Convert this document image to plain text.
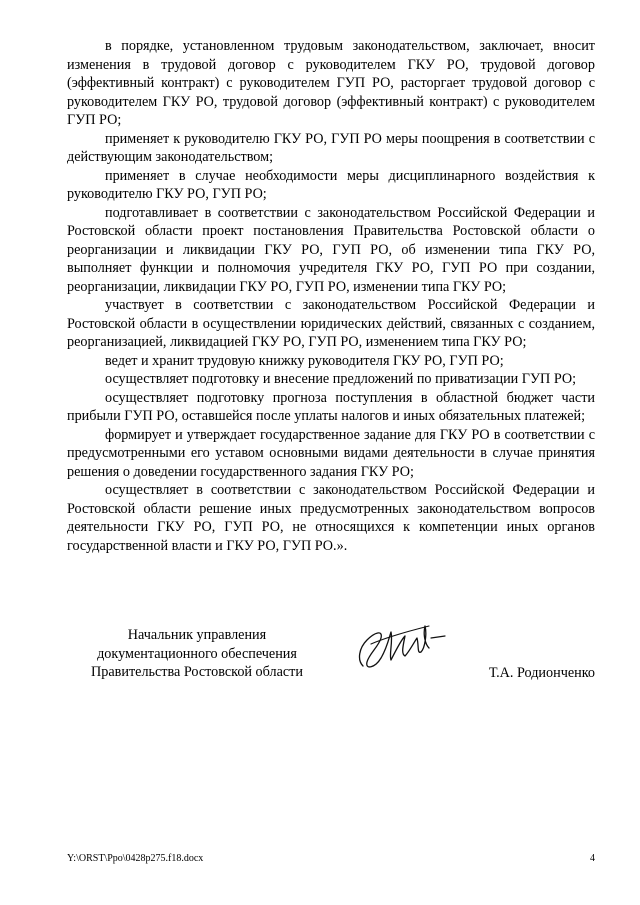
в порядке, установленном трудовым законодательством, заключает, вносит изменения в трудовой договор с руководителем ГКУ РО, трудовой договор (эффективный контракт) с руководителем ГУП РО, расторгает трудовой договор с руководителем ГКУ РО, трудовой договор (эффективный контракт) с руководителем ГУП РО;

применяет к руководителю ГКУ РО, ГУП РО меры поощрения в соответствии с действующим законодательством;

применяет в случае необходимости меры дисциплинарного воздействия к руководителю ГКУ РО, ГУП РО;

подготавливает в соответствии с законодательством Российской Федерации и Ростовской области проект постановления Правительства Ростовской области о реорганизации и ликвидации ГКУ РО, ГУП РО, об изменении типа ГКУ РО, выполняет функции и полномочия учредителя ГКУ РО, ГУП РО при создании, реорганизации, ликвидации ГКУ РО, ГУП РО, изменении типа ГКУ РО;

участвует в соответствии с законодательством Российской Федерации и Ростовской области в осуществлении юридических действий, связанных с созданием, реорганизацией, ликвидацией ГКУ РО, ГУП РО, изменением типа ГКУ РО;

ведет и хранит трудовую книжку руководителя ГКУ РО, ГУП РО;

осуществляет подготовку и внесение предложений по приватизации ГУП РО;

осуществляет подготовку прогноза поступления в областной бюджет части прибыли ГУП РО, оставшейся после уплаты налогов и иных обязательных платежей;

формирует и утверждает государственное задание для ГКУ РО в соответствии с предусмотренными его уставом основными видами деятельности в случае принятия решения о доведении государственного задания ГКУ РО;

осуществляет в соответствии с законодательством Российской Федерации и Ростовской области решение иных предусмотренных законодательством вопросов деятельности ГКУ РО, ГУП РО, не относящихся к компетенции иных органов государственной власти и ГКУ РО, ГУП РО.».

Начальник управления
документационного обеспечения
Правительства Ростовской области	Т.А. Родионченко
Y:\ORST\Ppo\0428p275.f18.docx	4
